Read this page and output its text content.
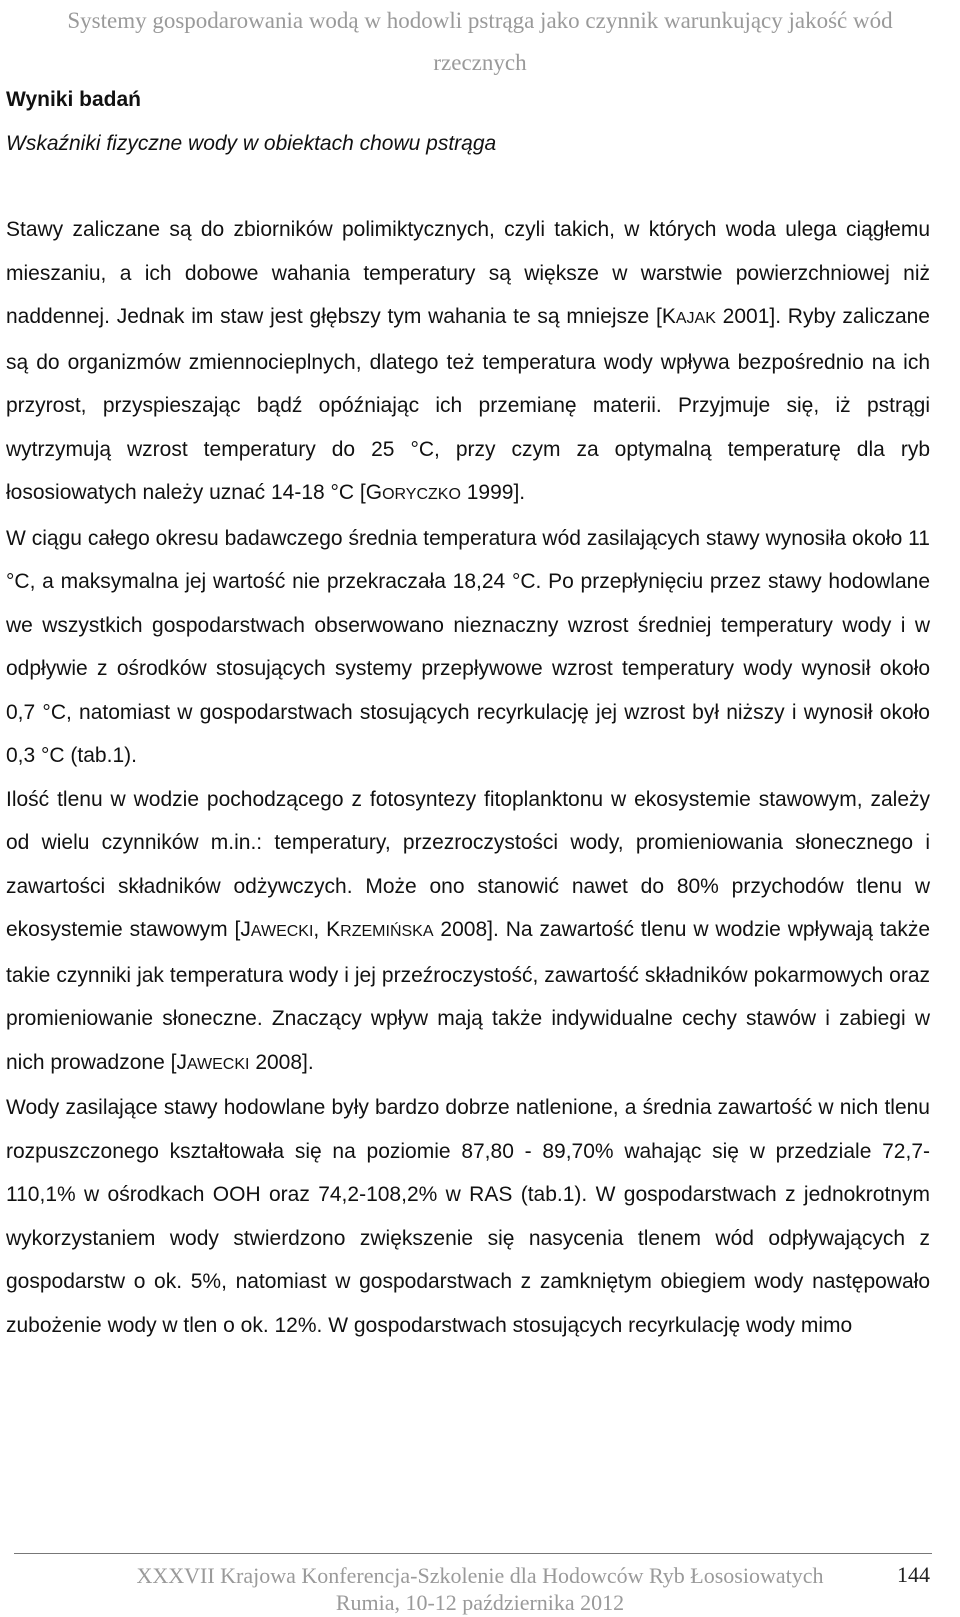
Systemy gospodarowania wodą w hodowli pstrąga jako czynnik warunkujący jakość wód
rzecznych
Wyniki badań
Wskaźniki fizyczne wody w obiektach chowu pstrąga

Stawy zaliczane są do zbiorników polimiktycznych, czyli takich, w których woda ulega ciągłemu mieszaniu, a ich dobowe wahania temperatury są większe w warstwie powierzchniowej niż naddennej. Jednak im staw jest głębszy tym wahania te są mniejsze [KAJAK 2001]. Ryby zaliczane są do organizmów zmiennocieplnych, dlatego też temperatura wody wpływa bezpośrednio na ich przyrost, przyspieszając bądź opóźniając ich przemianę materii. Przyjmuje się, iż pstrągi wytrzymują wzrost temperatury do 25 °C, przy czym za optymalną temperaturę dla ryb łososiowatych należy uznać 14-18 °C [GORYCZKO 1999].

W ciągu całego okresu badawczego średnia temperatura wód zasilających stawy wynosiła około 11 °C, a maksymalna jej wartość nie przekraczała 18,24 °C. Po przepłynięciu przez stawy hodowlane we wszystkich gospodarstwach obserwowano nieznaczny wzrost średniej temperatury wody i w odpływie z ośrodków stosujących systemy przepływowe wzrost temperatury wody wynosił około 0,7 °C, natomiast w gospodarstwach stosujących recyrkulację jej wzrost był niższy i wynosił około 0,3 °C (tab.1).

Ilość tlenu w wodzie pochodzącego z fotosyntezy fitoplanktonu w ekosystemie stawowym, zależy od wielu czynników m.in.: temperatury, przezroczystości wody, promieniowania słonecznego i zawartości składników odżywczych. Może ono stanowić nawet do 80% przychodów tlenu w ekosystemie stawowym [JAWECKI, KRZEMIŃSKA 2008]. Na zawartość tlenu w wodzie wpływają także takie czynniki jak temperatura wody i jej przeźroczystość, zawartość składników pokarmowych oraz promieniowanie słoneczne. Znaczący wpływ mają także indywidualne cechy stawów i zabiegi w nich prowadzone [JAWECKI 2008].

Wody zasilające stawy hodowlane były bardzo dobrze natlenione, a średnia zawartość w nich tlenu rozpuszczonego kształtowała się na poziomie 87,80 - 89,70% wahając się w przedziale 72,7-110,1% w ośrodkach OOH oraz 74,2-108,2% w RAS (tab.1). W gospodarstwach z jednokrotnym wykorzystaniem wody stwierdzono zwiększenie się nasycenia tlenem wód odpływających z gospodarstw o ok. 5%, natomiast w gospodarstwach z zamkniętym obiegiem wody następowało zubożenie wody w tlen o ok. 12%. W gospodarstwach stosujących recyrkulację wody mimo

XXXVII Krajowa Konferencja-Szkolenie dla Hodowców Ryb Łososiowatych
Rumia, 10-12 października 2012
144
